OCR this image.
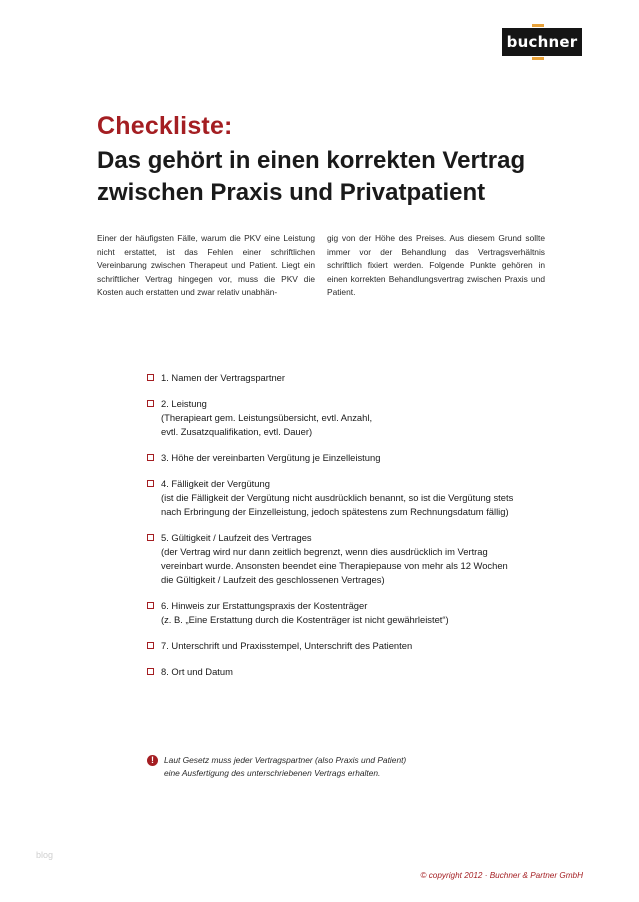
buchner
Checkliste:
Das gehört in einen korrekten Vertrag
zwischen Praxis und Privatpatient
Einer der häufigsten Fälle, warum die PKV eine Leistung nicht erstattet, ist das Fehlen einer schriftlichen Vereinbarung zwischen Therapeut und Patient. Liegt ein schriftlicher Vertrag hingegen vor, muss die PKV die Kosten auch erstatten und zwar relativ unabhän-
gig von der Höhe des Preises. Aus diesem Grund sollte immer vor der Behandlung das Vertragsverhältnis schriftlich fixiert werden. Folgende Punkte gehören in einen korrekten Behandlungsvertrag zwischen Praxis und Patient.
1. Namen der Vertragspartner
2. Leistung
(Therapieart gem. Leistungsübersicht, evtl. Anzahl,
evtl. Zusatzqualifikation, evtl. Dauer)
3. Höhe der vereinbarten Vergütung je Einzelleistung
4. Fälligkeit der Vergütung
(ist die Fälligkeit der Vergütung nicht ausdrücklich benannt, so ist die Vergütung stets
nach Erbringung der Einzelleistung, jedoch spätestens zum Rechnungsdatum fällig)
5. Gültigkeit / Laufzeit des Vertrages
(der Vertrag wird nur dann zeitlich begrenzt, wenn dies ausdrücklich im Vertrag
vereinbart wurde. Ansonsten beendet eine Therapiepause von mehr als 12 Wochen
die Gültigkeit / Laufzeit des geschlossenen Vertrages)
6. Hinweis zur Erstattungspraxis der Kostenträger
(z. B. „Eine Erstattung durch die Kostenträger ist nicht gewährleistet“)
7. Unterschrift und Praxisstempel, Unterschrift des Patienten
8. Ort und Datum
!	Laut Gesetz muss jeder Vertragspartner (also Praxis und Patient)
eine Ausfertigung des unterschriebenen Vertrags erhalten.
blog
© copyright 2012 · Buchner & Partner GmbH
